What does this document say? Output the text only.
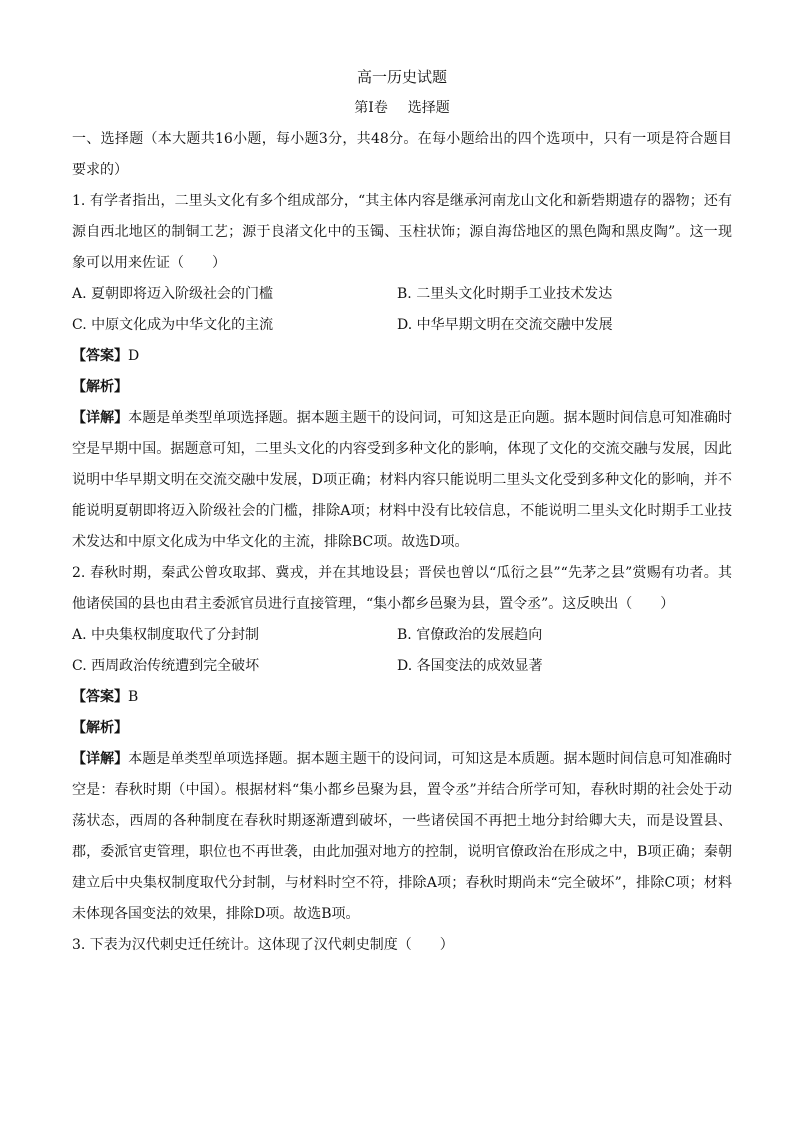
高一历史试题
第Ⅰ卷 选择题

一、选择题（本大题共16小题，每小题3分，共48分。在每小题给出的四个选项中，只有一项是符合题目要求的）

1. 有学者指出，二里头文化有多个组成部分，“其主体内容是继承河南龙山文化和新砦期遗存的器物；还有源自西北地区的制铜工艺；源于良渚文化中的玉镯、玉柱状饰；源自海岱地区的黑色陶和黑皮陶”。这一现象可以用来佐证（　　）

A. 夏朝即将迈入阶级社会的门槛	B. 二里头文化时期手工业技术发达
C. 中原文化成为中华文化的主流	D. 中华早期文明在交流交融中发展

【答案】D

【解析】

【详解】本题是单类型单项选择题。据本题主题干的设问词，可知这是正向题。据本题时间信息可知准确时空是早期中国。据题意可知，二里头文化的内容受到多种文化的影响，体现了文化的交流交融与发展，因此说明中华早期文明在交流交融中发展，D项正确；材料内容只能说明二里头文化受到多种文化的影响，并不能说明夏朝即将迈入阶级社会的门槛，排除A项；材料中没有比较信息，不能说明二里头文化时期手工业技术发达和中原文化成为中华文化的主流，排除BC项。故选D项。

2. 春秋时期，秦武公曾攻取邽、冀戎，并在其地设县；晋侯也曾以“瓜衍之县”“先茅之县”赏赐有功者。其他诸侯国的县也由君主委派官员进行直接管理，“集小都乡邑聚为县，置令丞”。这反映出（　　）

A. 中央集权制度取代了分封制	B. 官僚政治的发展趋向
C. 西周政治传统遭到完全破坏	D. 各国变法的成效显著

【答案】B

【解析】

【详解】本题是单类型单项选择题。据本题主题干的设问词，可知这是本质题。据本题时间信息可知准确时空是：春秋时期（中国）。根据材料“集小都乡邑聚为县，置令丞”并结合所学可知，春秋时期的社会处于动荡状态，西周的各种制度在春秋时期逐渐遭到破坏，一些诸侯国不再把土地分封给卿大夫，而是设置县、郡，委派官吏管理，职位也不再世袭，由此加强对地方的控制，说明官僚政治在形成之中，B项正确；秦朝建立后中央集权制度取代分封制，与材料时空不符，排除A项；春秋时期尚未“完全破坏”，排除C项；材料未体现各国变法的效果，排除D项。故选B项。

3. 下表为汉代刺史迁任统计。这体现了汉代刺史制度（　　）
